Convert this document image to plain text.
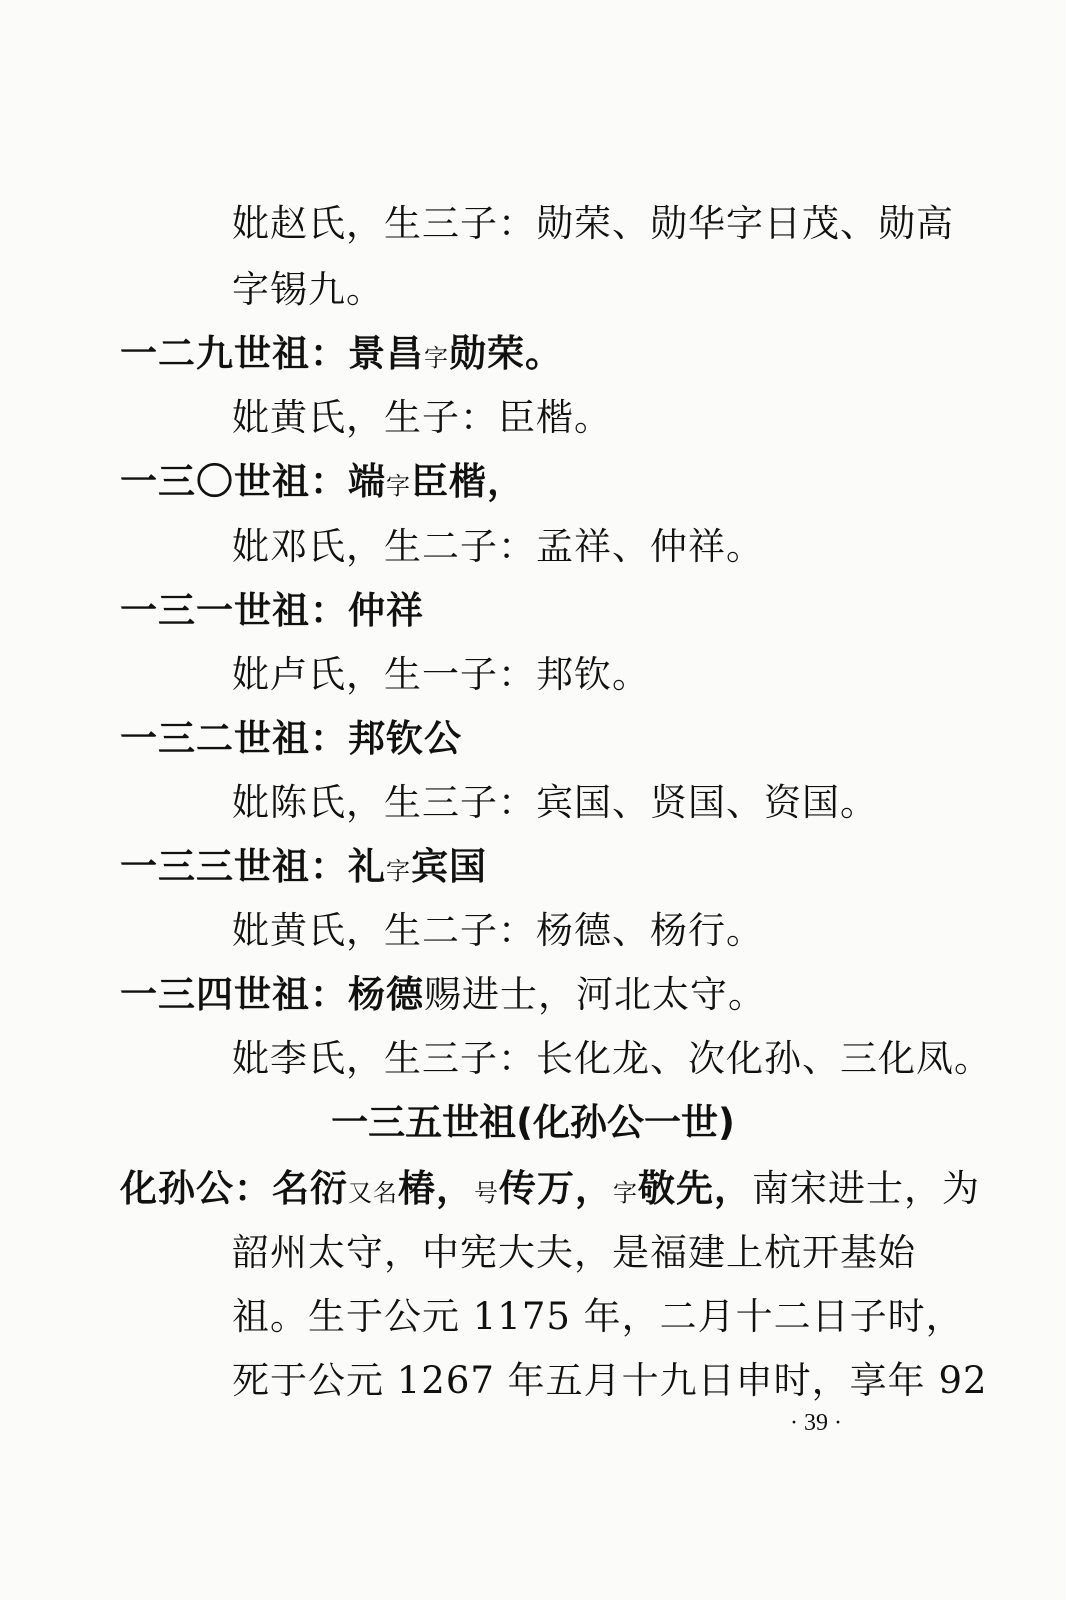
妣赵氏，生三子：勋荣、勋华字日茂、勋高
字锡九。
一二九世祖：景昌字勋荣。
妣黄氏，生子：臣楷。
一三〇世祖：端字臣楷，
妣邓氏，生二子：孟祥、仲祥。
一三一世祖：仲祥
妣卢氏，生一子：邦钦。
一三二世祖：邦钦公
妣陈氏，生三子：宾国、贤国、资国。
一三三世祖：礼字宾国
妣黄氏，生二子：杨德、杨行。
一三四世祖：杨德赐进士，河北太守。
妣李氏，生三子：长化龙、次化孙、三化凤。
一三五世祖(化孙公一世)
化孙公：名衍又名椿，号传万，字敬先，南宋进士，为
韶州太守，中宪大夫，是福建上杭开基始
祖。生于公元 1175 年，二月十二日子时，
死于公元 1267 年五月十九日申时，享年 92
· 39 ·
